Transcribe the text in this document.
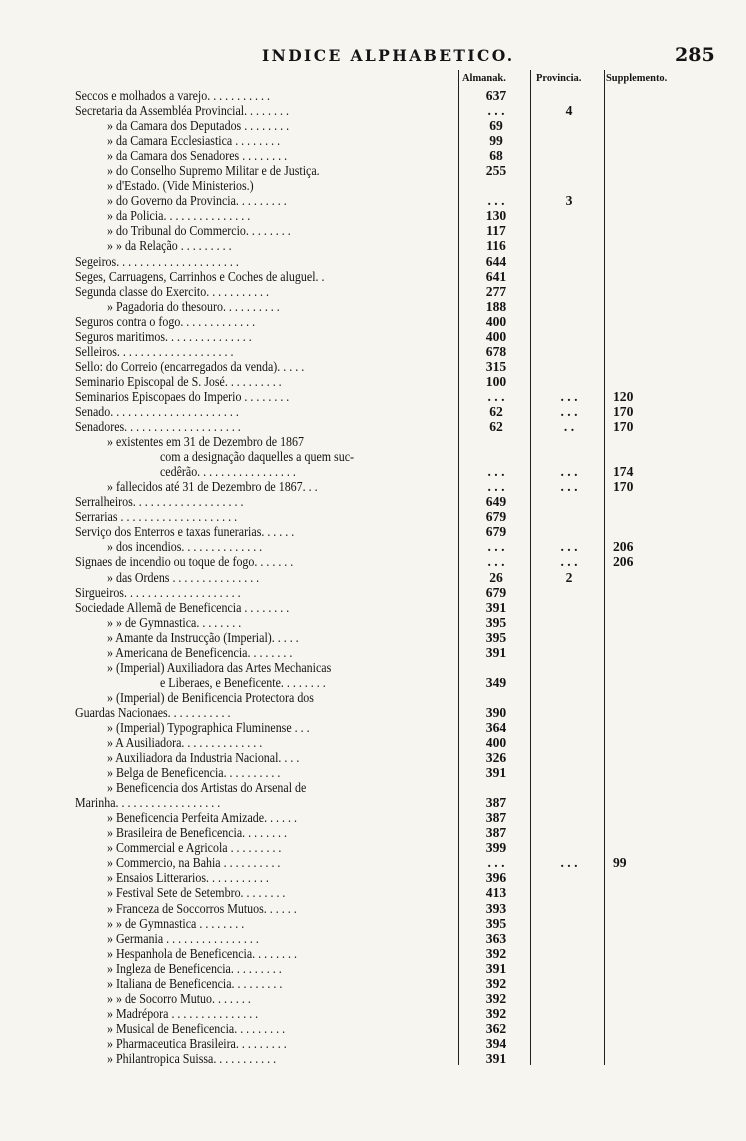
INDICE ALPHABETICO.	285
Almanak.	Provincia. Supplemento.
Seccos e molhados a varejo. . . . . . . . . . .	637
Secretaria da Assembléa Provincial. . . . . . . .	. . .	4
» da Camara dos Deputados . . . . . . . .	69
» da Camara Ecclesiastica . . . . . . . .	99
» da Camara dos Senadores . . . . . . . .	68
» do Conselho Supremo Militar e de Justiça.	255
» d'Estado. (Vide Ministerios.)
» do Governo da Provincia. . . . . . . . .	. . .	3
» da Policia. . . . . . . . . . . . . . .	130
» do Tribunal do Commercio. . . . . . . .	117
» » da Relação . . . . . . . . .	116
Segeiros. . . . . . . . . . . . . . . . . . . . .	644
Seges, Carruagens, Carrinhos e Coches de aluguel. .	641
Segunda classe do Exercito. . . . . . . . . . .	277
» Pagadoria do thesouro. . . . . . . . . .	188
Seguros contra o fogo. . . . . . . . . . . . .	400
Seguros maritimos. . . . . . . . . . . . . . .	400
Selleiros. . . . . . . . . . . . . . . . . . . .	678
Sello: do Correio (encarregados da venda). . . . .	315
Seminario Episcopal de S. José. . . . . . . . . .	100
Seminarios Episcopaes do Imperio . . . . . . . .	. . .	. . .	120
Senado. . . . . . . . . . . . . . . . . . . . . .	62	. . .	170
Senadores. . . . . . . . . . . . . . . . . . . .	62	. .	170
» existentes em 31 de Dezembro de 1867
com a designação daquelles a quem suc-
cedêrão. . . . . . . . . . . . . . . . .	. . .	. . .	174
» fallecidos até 31 de Dezembro de 1867. . .	. . .	. . .	170
Serralheiros. . . . . . . . . . . . . . . . . . .	649
Serrarias . . . . . . . . . . . . . . . . . . . .	679
Serviço dos Enterros e taxas funerarias. . . . . .	679
» dos incendios. . . . . . . . . . . . . .	. . .	. . .	206
Signaes de incendio ou toque de fogo. . . . . . .	. . .	. . .	206
» das Ordens . . . . . . . . . . . . . . .	26	2
Sirgueiros. . . . . . . . . . . . . . . . . . . .	679
Sociedade Allemã de Beneficencia . . . . . . . .	391
» » de Gymnastica. . . . . . . .	395
» Amante da Instrucção (Imperial). . . . .	395
» Americana de Beneficencia. . . . . . . .	391
» (Imperial) Auxiliadora das Artes Mechanicas
e Liberaes, e Beneficente. . . . . . . .	349
» (Imperial) de Benificencia Protectora dos
Guardas Nacionaes. . . . . . . . . . .	390
» (Imperial) Typographica Fluminense . . .	364
» A Ausiliadora. . . . . . . . . . . . . .	400
» Auxiliadora da Industria Nacional. . . .	326
» Belga de Beneficencia. . . . . . . . . .	391
» Beneficencia dos Artistas do Arsenal de
Marinha. . . . . . . . . . . . . . . . . .	387
» Beneficencia Perfeita Amizade. . . . . .	387
» Brasileira de Beneficencia. . . . . . . .	387
» Commercial e Agricola . . . . . . . . .	399
» Commercio, na Bahia . . . . . . . . . .	. . .	. . .	99
» Ensaios Litterarios. . . . . . . . . . .	396
» Festival Sete de Setembro. . . . . . . .	413
» Franceza de Soccorros Mutuos. . . . . .	393
» » de Gymnastica . . . . . . . .	395
» Germania . . . . . . . . . . . . . . . .	363
» Hespanhola de Beneficencia. . . . . . . .	392
» Ingleza de Beneficencia. . . . . . . . .	391
» Italiana de Beneficencia. . . . . . . . .	392
» » de Socorro Mutuo. . . . . . .	392
» Madrépora . . . . . . . . . . . . . . .	392
» Musical de Beneficencia. . . . . . . . .	362
» Pharmaceutica Brasileira. . . . . . . . .	394
» Philantropica Suissa. . . . . . . . . . .	391
